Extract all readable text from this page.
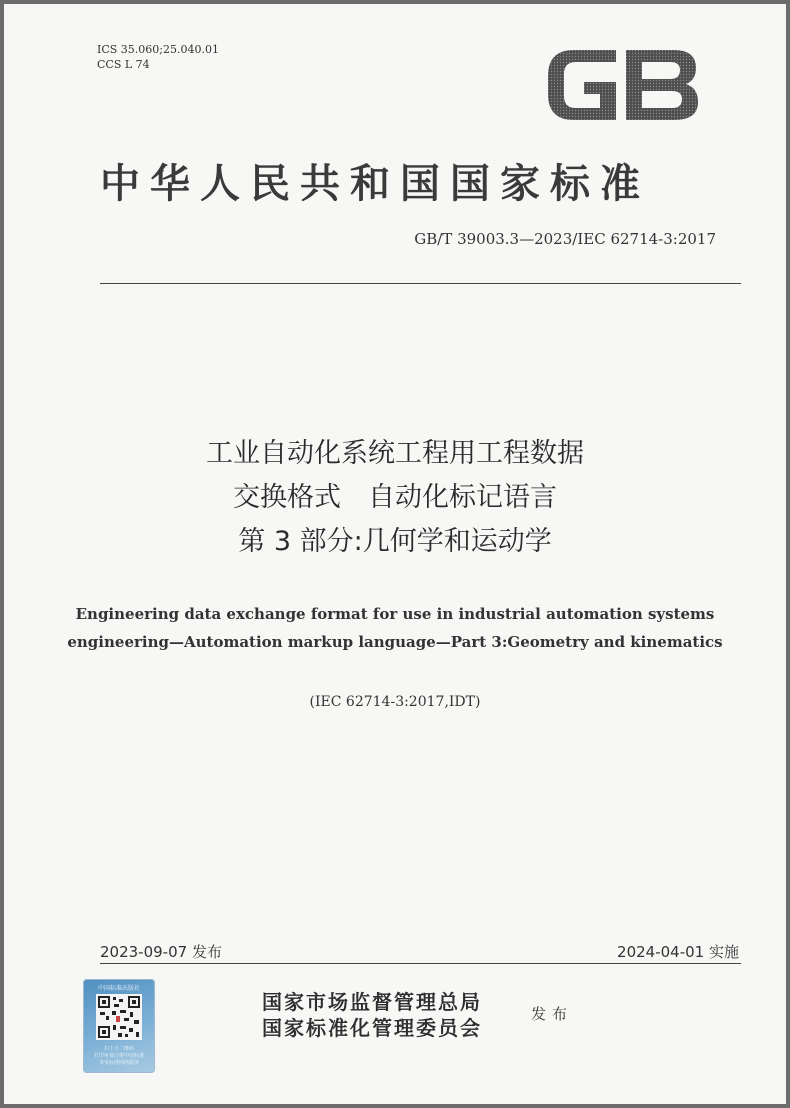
ICS 35.060;25.040.01
CCS L 74
中华人民共和国国家标准
GB/T 39003.3—2023/IEC 62714-3:2017
工业自动化系统工程用工程数据
交换格式　自动化标记语言
第 3 部分:几何学和运动学
Engineering data exchange format for use in industrial automation systems
engineering—Automation markup language—Part 3:Geometry and kinematics
(IEC 62714-3:2017,IDT)
2023-09-07 发布	2024-04-01 实施
中国标准出版社
扫上方二维码
打印免费注册中国标准
享受标准网络服务
国家市场监督管理总局
国家标准化管理委员会
发布
